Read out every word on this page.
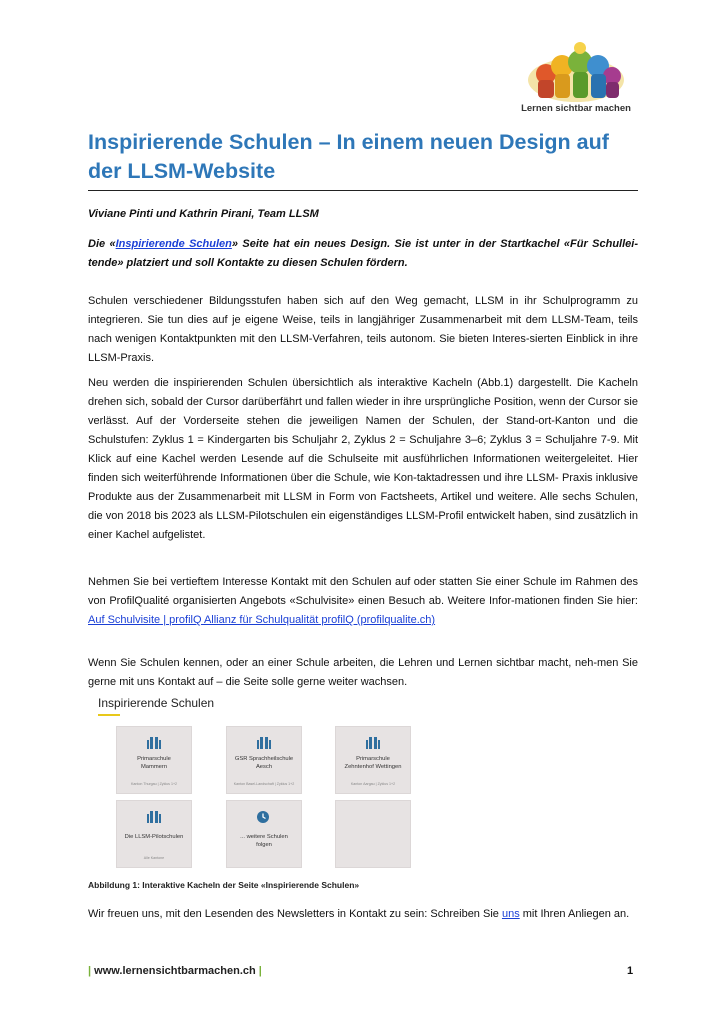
Lernen sichtbar machen
Inspirierende Schulen – In einem neuen Design auf der LLSM-Website
Viviane Pinti und Kathrin Pirani, Team LLSM

Die «Inspirierende Schulen» Seite hat ein neues Design. Sie ist unter in der Startkachel «Für Schullei-tende» platziert und soll Kontakte zu diesen Schulen fördern.

Schulen verschiedener Bildungsstufen haben sich auf den Weg gemacht, LLSM in ihr Schulprogramm zu integrieren. Sie tun dies auf je eigene Weise, teils in langjähriger Zusammenarbeit mit dem LLSM-Team, teils nach wenigen Kontaktpunkten mit den LLSM-Verfahren, teils autonom. Sie bieten Interes-sierten Einblick in ihre LLSM-Praxis.

Neu werden die inspirierenden Schulen übersichtlich als interaktive Kacheln (Abb.1) dargestellt. Die Kacheln drehen sich, sobald der Cursor darüberfährt und fallen wieder in ihre ursprüngliche Position, wenn der Cursor sie verlässt. Auf der Vorderseite stehen die jeweiligen Namen der Schulen, der Stand-ort-Kanton und die Schulstufen: Zyklus 1 = Kindergarten bis Schuljahr 2, Zyklus 2 = Schuljahre 3–6; Zyklus 3 = Schuljahre 7-9. Mit Klick auf eine Kachel werden Lesende auf die Schulseite mit ausführlichen Informationen weitergeleitet. Hier finden sich weiterführende Informationen über die Schule, wie Kon-taktadressen und ihre LLSM- Praxis inklusive Produkte aus der Zusammenarbeit mit LLSM in Form von Factsheets, Artikel und weitere. Alle sechs Schulen, die von 2018 bis 2023 als LLSM-Pilotschulen ein eigenständiges LLSM-Profil entwickelt haben, sind zusätzlich in einer Kachel aufgelistet.

Nehmen Sie bei vertieftem Interesse Kontakt mit den Schulen auf oder statten Sie einer Schule im Rahmen des von ProfilQualité organisierten Angebots «Schulvisite» einen Besuch ab. Weitere Infor-mationen finden Sie hier: Auf Schulvisite | profilQ Allianz für Schulqualität profilQ (profilqualite.ch)

Wenn Sie Schulen kennen, oder an einer Schule arbeiten, die Lehren und Lernen sichtbar macht, neh-men Sie gerne mit uns Kontakt auf – die Seite solle gerne weiter wachsen.

Inspirierende Schulen
Primarschule
Mammern
Kanton Thurgau | Zyklus 1+2
GSR Sprachheilschule
Aesch
Kanton Basel-Landschaft | Zyklus 1+2
Primarschule
Zehntenhof Wettingen
Kanton Aargau | Zyklus 1+2
Die LLSM-Pilotschulen
Alle Kantone
... weitere Schulen
folgen
Abbildung 1: Interaktive Kacheln der Seite «Inspirierende Schulen»

Wir freuen uns, mit den Lesenden des Newsletters in Kontakt zu sein: Schreiben Sie uns mit Ihren Anliegen an.

| www.lernensichtbarmachen.ch |	1
